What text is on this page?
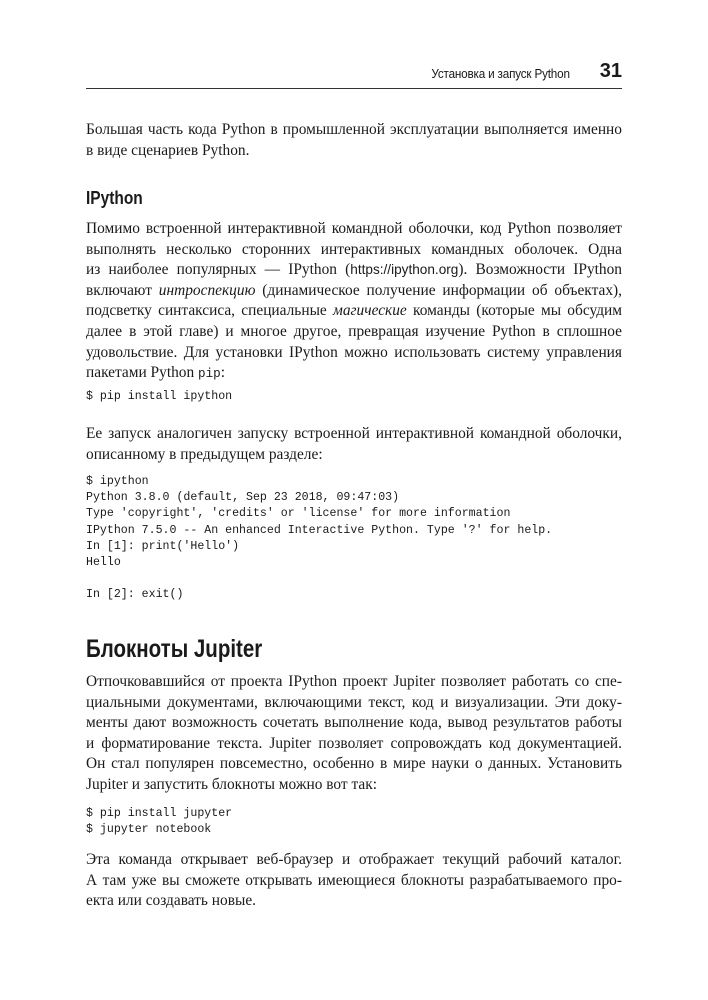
Установка и запуск Python 31

Большая часть кода Python в промышленной эксплуатации выполняется именно
в виде сценариев Python.

IPython

Помимо встроенной интерактивной командной оболочки, код Python позволяет
выполнять несколько сторонних интерактивных командных оболочек. Одна
из наиболее популярных — IPython (https://ipython.org). Возможности IPython
включают интроспекцию (динамическое получение информации об объектах),
подсветку синтаксиса, специальные магические команды (которые мы обсудим
далее в этой главе) и многое другое, превращая изучение Python в сплошное
удовольствие. Для установки IPython можно использовать систему управления
пакетами Python pip:

$ pip install ipython

Ее запуск аналогичен запуску встроенной интерактивной командной оболочки,
описанному в предыдущем разделе:

$ ipython
Python 3.8.0 (default, Sep 23 2018, 09:47:03)
Type 'copyright', 'credits' or 'license' for more information
IPython 7.5.0 -- An enhanced Interactive Python. Type '?' for help.
In [1]: print('Hello')
Hello

In [2]: exit()
Блокноты Jupiter

Отпочковавшийся от проекта IPython проект Jupiter позволяет работать со спе-
циальными документами, включающими текст, код и визуализации. Эти доку-
менты дают возможность сочетать выполнение кода, вывод результатов работы
и форматирование текста. Jupiter позволяет сопровождать код документацией.
Он стал популярен повсеместно, особенно в мире науки о данных. Установить
Jupiter и запустить блокноты можно вот так:

$ pip install jupyter
$ jupyter notebook

Эта команда открывает веб-браузер и отображает текущий рабочий каталог.
А там уже вы сможете открывать имеющиеся блокноты разрабатываемого про-
екта или создавать новые.
